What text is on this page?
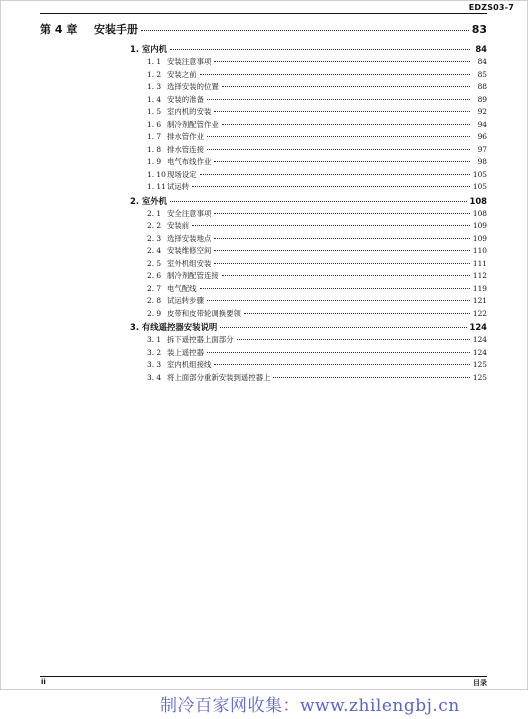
EDZS03-7
第 4 章	安装手册	83
1. 室内机	84
1. 1 安装注意事项	84
1. 2 安装之前	85
1. 3 选择安装的位置	88
1. 4 安装的准备	89
1. 5 室内机的安装	92
1. 6 制冷剂配管作业	94
1. 7 排水管作业	96
1. 8 排水管连接	97
1. 9 电气布线作业	98
1. 10 现场设定	105
1. 11 试运转	105
2. 室外机	108
2. 1 安全注意事项	108
2. 2 安装前	109
2. 3 选择安装地点	109
2. 4 安装维修空间	110
2. 5 室外机组安装	111
2. 6 制冷剂配管连接	112
2. 7 电气配线	119
2. 8 试运转步骤	121
2. 9 皮带和皮带轮调换要领	122
3. 有线遥控器安装说明	124
3. 1 拆下遥控器上面部分	124
3. 2 装上遥控器	124
3. 3 室内机组接线	125
3. 4 将上面部分重新安装到遥控器上	125
ii	目录
制冷百家网收集：www.zhilengbj.cn
